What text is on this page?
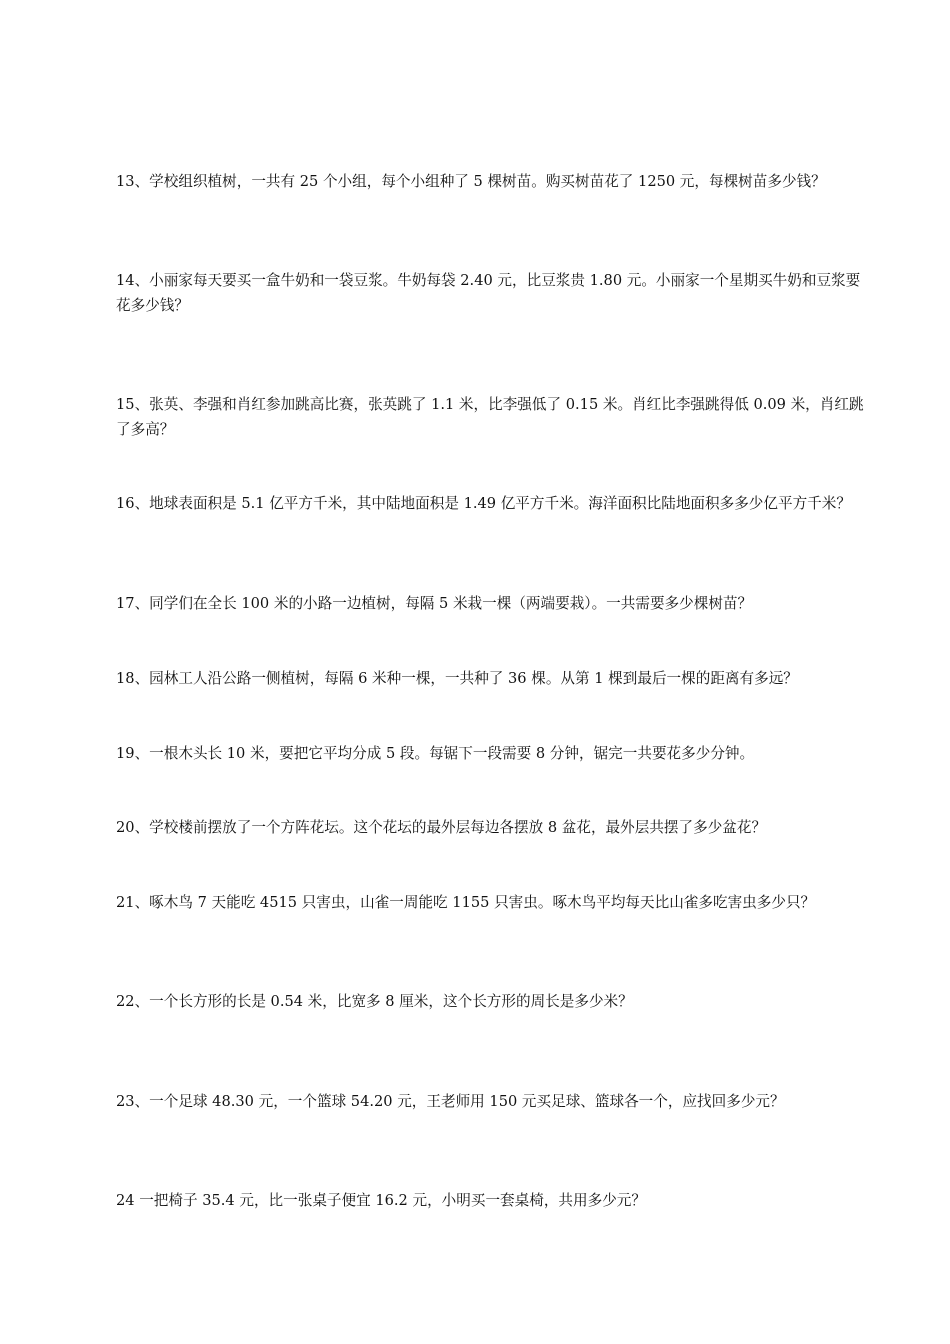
13、学校组织植树，一共有 25 个小组，每个小组种了 5 棵树苗。购买树苗花了 1250 元，每棵树苗多少钱？
14、小丽家每天要买一盒牛奶和一袋豆浆。牛奶每袋 2.40 元，比豆浆贵 1.80 元。小丽家一个星期买牛奶和豆浆要花多少钱？
15、张英、李强和肖红参加跳高比赛，张英跳了 1.1 米，比李强低了 0.15 米。肖红比李强跳得低 0.09 米，肖红跳了多高？
16、地球表面积是 5.1 亿平方千米，其中陆地面积是 1.49 亿平方千米。海洋面积比陆地面积多多少亿平方千米？
17、同学们在全长 100 米的小路一边植树，每隔 5 米栽一棵（两端要栽）。一共需要多少棵树苗？
18、园林工人沿公路一侧植树，每隔 6 米种一棵，一共种了 36 棵。从第 1 棵到最后一棵的距离有多远？
19、一根木头长 10 米，要把它平均分成 5 段。每锯下一段需要 8 分钟，锯完一共要花多少分钟。
20、学校楼前摆放了一个方阵花坛。这个花坛的最外层每边各摆放 8 盆花，最外层共摆了多少盆花？
21、啄木鸟 7 天能吃 4515 只害虫，山雀一周能吃 1155 只害虫。啄木鸟平均每天比山雀多吃害虫多少只？
22、一个长方形的长是 0.54 米，比宽多 8 厘米，这个长方形的周长是多少米？
23、一个足球 48.30 元，一个篮球 54.20 元，王老师用 150 元买足球、篮球各一个，应找回多少元？
24 一把椅子 35.4 元，比一张桌子便宜 16.2 元，小明买一套桌椅，共用多少元？
